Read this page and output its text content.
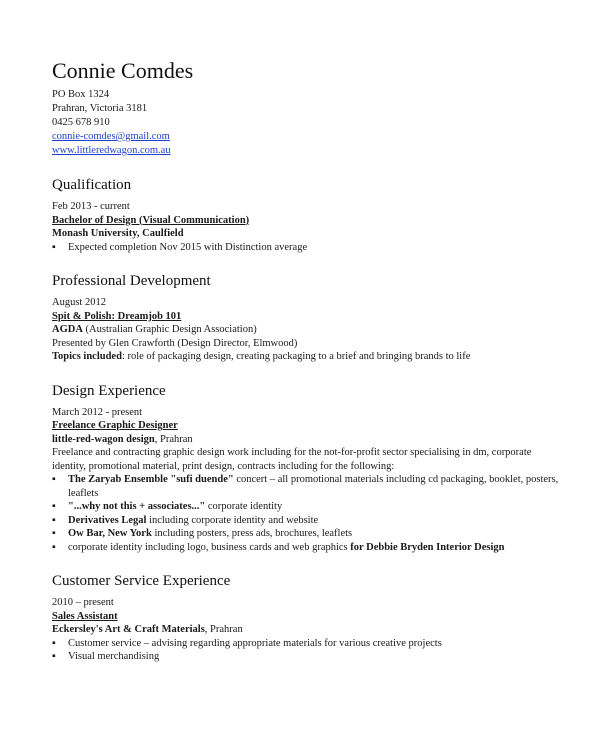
Connie Comdes
PO Box 1324
Prahran, Victoria 3181
0425 678 910
connie-comdes@gmail.com
www.littleredwagon.com.au
Qualification
Feb 2013 - current
Bachelor of Design (Visual Communication)
Monash University, Caulfield
▪ Expected completion Nov 2015 with Distinction average
Professional Development
August 2012
Spit & Polish: Dreamjob 101
AGDA (Australian Graphic Design Association)
Presented by Glen Crawforth (Design Director, Elmwood)
Topics included: role of packaging design, creating packaging to a brief and bringing brands to life
Design Experience
March 2012 - present
Freelance Graphic Designer
little-red-wagon design, Prahran
Freelance and contracting graphic design work including for the not-for-profit sector specialising in dm, corporate identity, promotional material, print design, contracts including for the following:
▪ The Zaryab Ensemble "sufi duende" concert – all promotional materials including cd packaging, booklet, posters, leaflets
▪ "...why not this + associates..." corporate identity
▪ Derivatives Legal including corporate identity and website
▪ Ow Bar, New York including posters, press ads, brochures, leaflets
▪ corporate identity including logo, business cards and web graphics for Debbie Bryden Interior Design
Customer Service Experience
2010 – present
Sales Assistant
Eckersley's Art & Craft Materials, Prahran
▪ Customer service – advising regarding appropriate materials for various creative projects
▪ Visual merchandising
